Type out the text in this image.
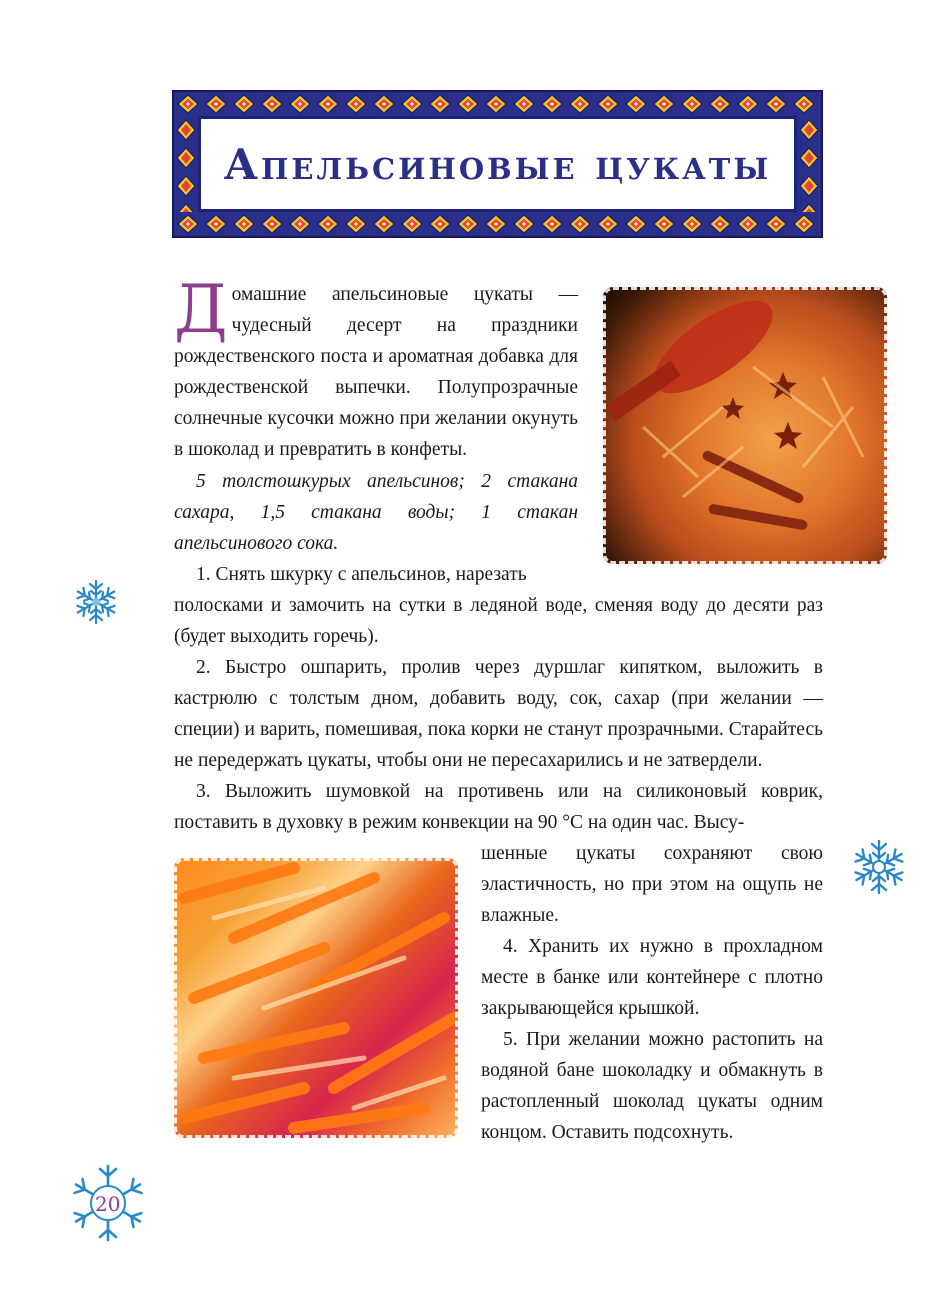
Апельсиновые цукаты
Домашние апельсиновые цукаты — чудесный десерт на праздники рождественского поста и ароматная добавка для рождественской выпечки. Полупрозрачные солнечные кусочки можно при желании окунуть в шоколад и превратить в конфеты.

5 толстошкурых апельсинов; 2 стакана сахара, 1,5 стакана воды; 1 стакан апельсинового сока.

1. Снять шкурку с апельсинов, нарезать

полосками и замочить на сутки в ледяной воде, сменяя воду до десяти раз (будет выходить горечь).

2. Быстро ошпарить, пролив через дуршлаг кипятком, выложить в кастрюлю с толстым дном, добавить воду, сок, сахар (при желании — специи) и варить, помешивая, пока корки не станут прозрачными. Старайтесь не передержать цукаты, чтобы они не пересахарились и не затвердели.

3. Выложить шумовкой на противень или на силиконовый коврик, поставить в духовку в режим конвекции на 90 °С на один час. Высу-

шенные цукаты сохраняют свою эластичность, но при этом на ощупь не влажные.

4. Хранить их нужно в прохладном месте в банке или контейнере с плотно закрывающейся крышкой.

5. При желании можно растопить на водяной бане шоколадку и обмакнуть в растопленный шоколад цукаты одним концом. Оставить подсохнуть.

20
